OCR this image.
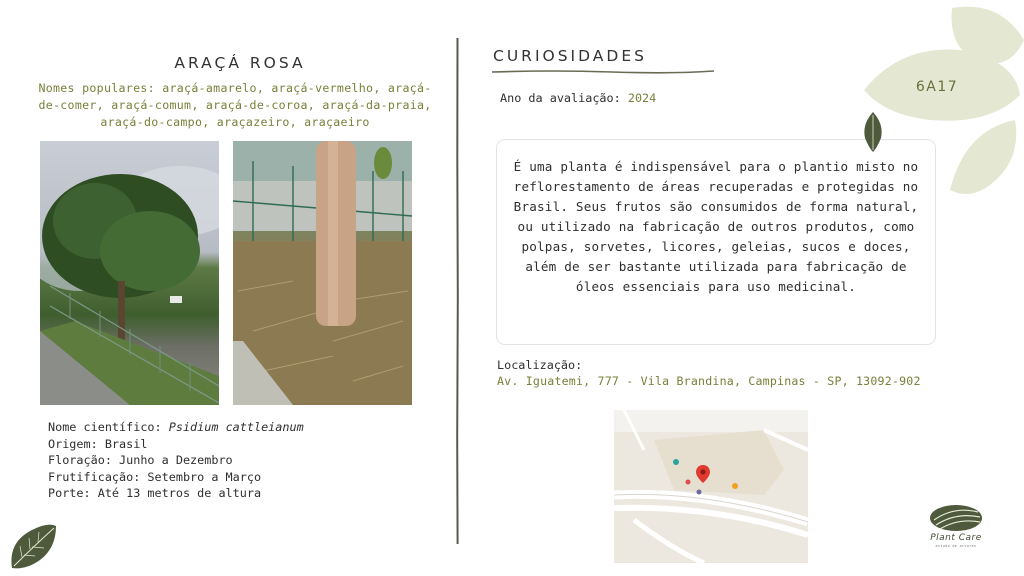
ARAÇÁ ROSA
Nomes populares: araçá-amarelo, araçá-vermelho, araçá-de-comer, araçá-comum, araçá-de-coroa, araçá-da-praia, araçá-do-campo, araçazeiro, araçaeiro
Nome científico: Psidium cattleianum
Origem: Brasil
Floração: Junho a Dezembro
Frutificação: Setembro a Março
Porte: Até 13 metros de altura
CURIOSIDADES
Ano da avaliação: 2024

É uma planta é indispensável para o plantio misto no reflorestamento de áreas recuperadas e protegidas no Brasil. Seus frutos são consumidos de forma natural, ou utilizado na fabricação de outros produtos, como polpas, sorvetes, licores, geleias, sucos e doces, além de ser bastante utilizada para fabricação de óleos essenciais para uso medicinal.

Localização:
Av. Iguatemi, 777 - Vila Brandina, Campinas - SP, 13092-902
6A17
Plant Care
estudo de arvores
